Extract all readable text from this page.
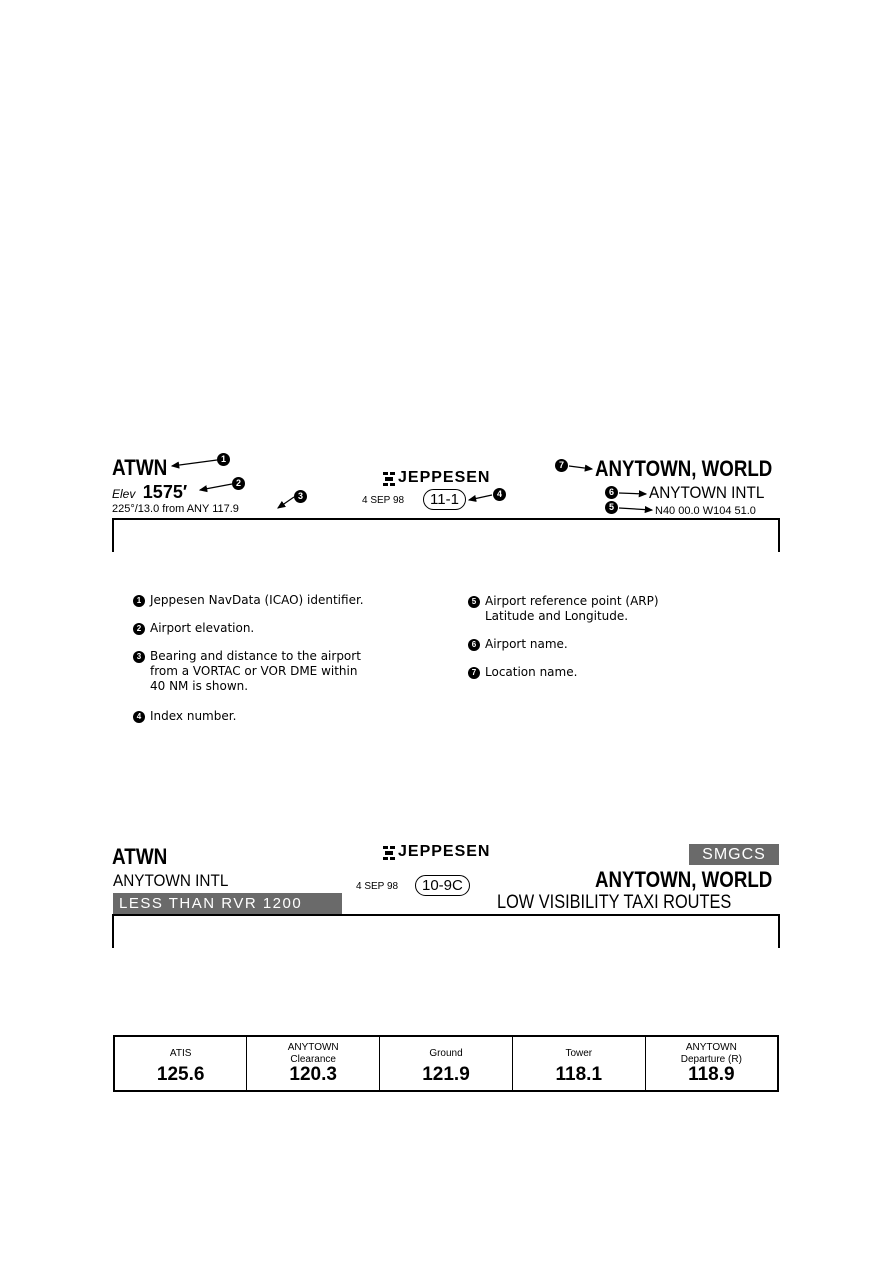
ATWN
Elev 1575′
225°/13.0 from ANY 117.9
JEPPESEN
4 SEP 98	11-1
ANYTOWN, WORLD
ANYTOWN INTL
N40 00.0 W104 51.0
1
2
3	4
5
6
7
1 Jeppesen NavData (ICAO) identifier.
2 Airport elevation.
3 Bearing and distance to the airport
from a VORTAC or VOR DME within
40 NM is shown.
4 Index number.
5 Airport reference point (ARP)
Latitude and Longitude.
6 Airport name.
7 Location name.
ATWN	JEPPESEN	SMGCS
ANYTOWN INTL	4 SEP 98	10-9C	ANYTOWN, WORLD
LESS THAN RVR 1200	LOW VISIBILITY TAXI ROUTES
ATIS
125.6

ANYTOWN
Clearance
120.3

Ground
121.9

Tower
118.1

ANYTOWN
Departure (R)
118.9
